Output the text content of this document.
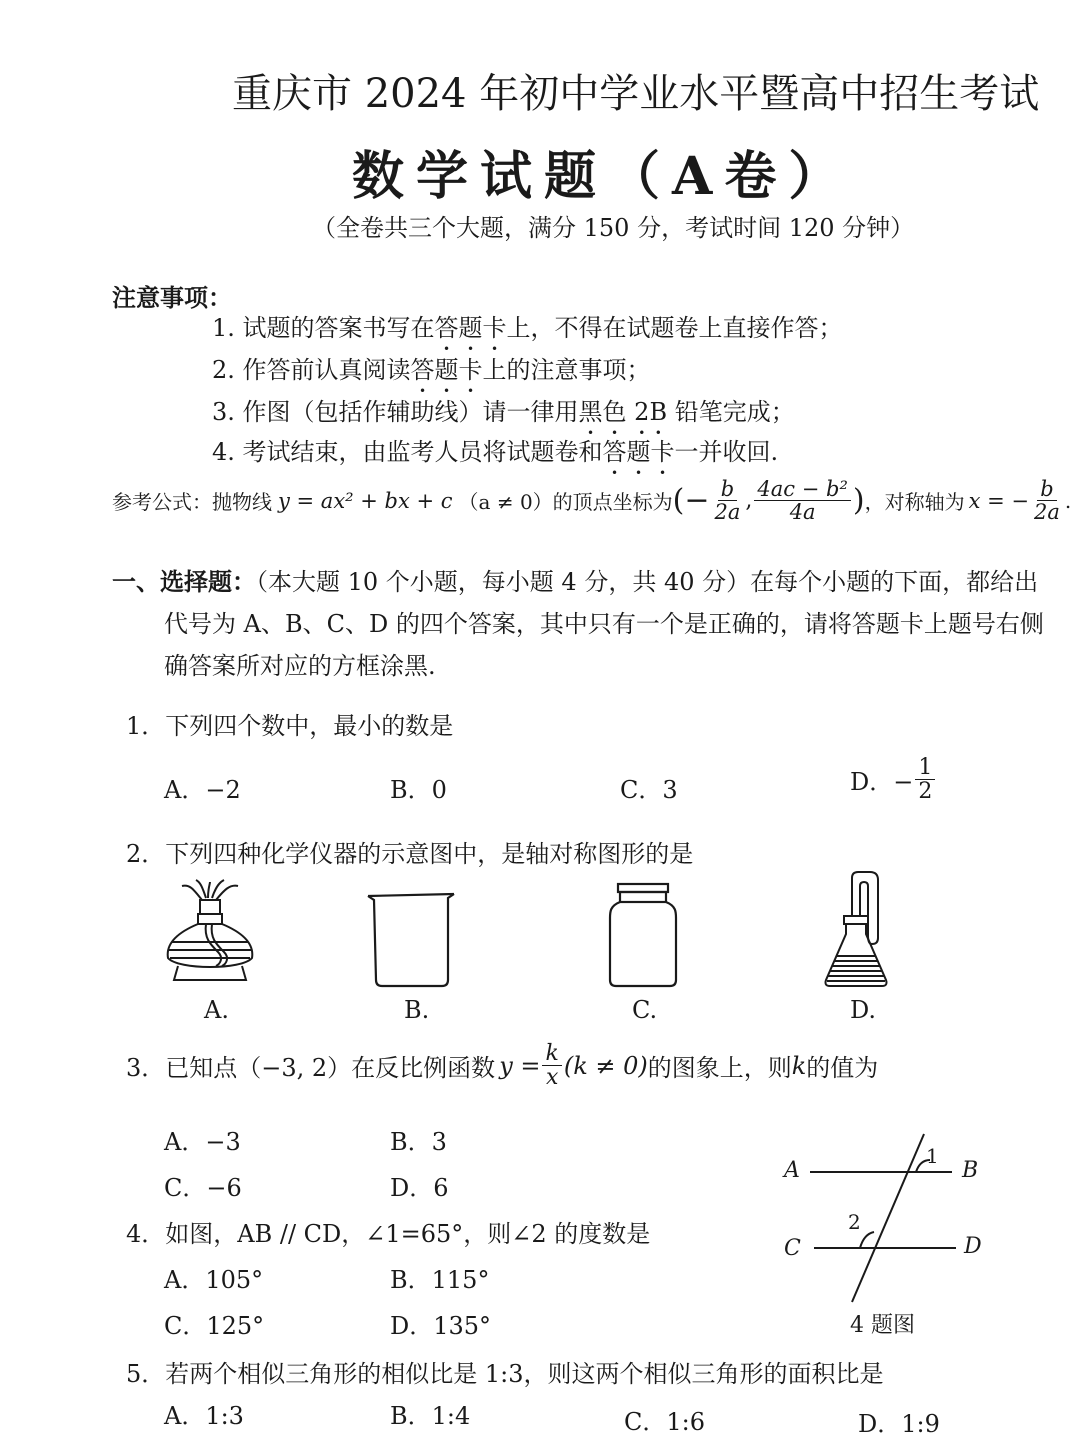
重庆市 2024 年初中学业水平暨高中招生考试
数学试题（A卷）
（全卷共三个大题，满分 150 分，考试时间 120 分钟）
注意事项：
1. 试题的答案书写在答题卡上，不得在试题卷上直接作答；
2. 作答前认真阅读答题卡上的注意事项；
3. 作图（包括作辅助线）请一律用黑色 2B 铅笔完成；
4. 考试结束，由监考人员将试题卷和答题卡一并收回.
参考公式：抛物线 y = ax² + bx + c （a ≠ 0） 的顶点坐标为 (− $\frac{b}{2a}$ , $\frac{\text{4ac − b²}}{4a}$ ) ，对称轴为 x = − $\frac{b}{2a}$ .
一、选择题：（本大题 10 个小题，每小题 4 分，共 40 分）在每个小题的下面，都给出
代号为 A、B、C、D 的四个答案，其中只有一个是正确的，请将答题卡上题号右侧
确答案所对应的方框涂黑.
1．下列四个数中，最小的数是
A．−2	B．0	C．3	D．− $\frac{1}{2}$
2．下列四种化学仪器的示意图中，是轴对称图形的是
A.	B.	C.	D.
3．已知点（−3, 2）在反比例函数 $y = \frac{k}{x} (k \ne 0)$ 的图象上，则 k 的值为
A．−3	B．3
C．−6	D．6
4．如图，AB // CD，∠1=65°，则∠2 的度数是
A．105°	B．115°
C．125°	D．135°
A	B
C	D
1
2
4 题图
5．若两个相似三角形的相似比是 1:3，则这两个相似三角形的面积比是
A．1:3	B．1:4	C．1:6	D．1:9
